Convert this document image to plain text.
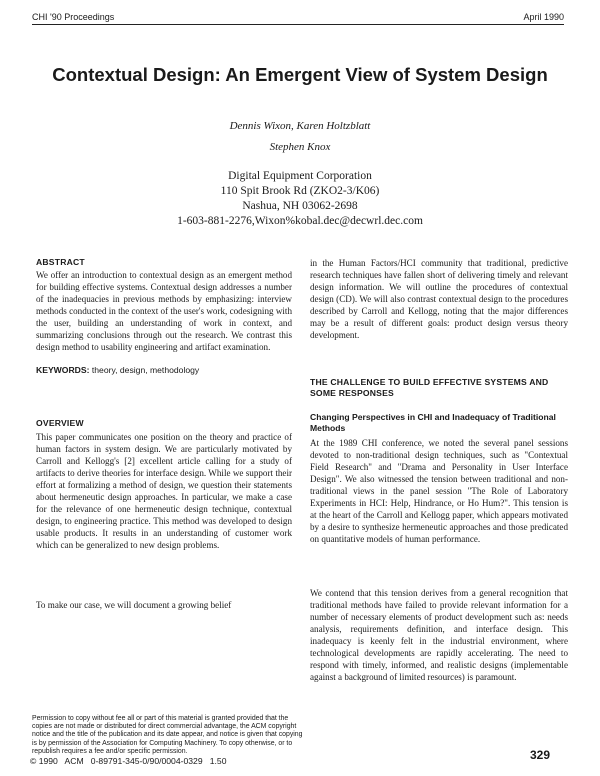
CHI '90 Proceedings	April 1990
Contextual Design: An Emergent View of System Design
Dennis Wixon, Karen Holtzblatt
Stephen Knox
Digital Equipment Corporation
110 Spit Brook Rd (ZKO2-3/K06)
Nashua, NH 03062-2698
1-603-881-2276,Wixon%kobal.dec@decwrl.dec.com
ABSTRACT

We offer an introduction to contextual design as an emergent method for building effective systems. Contextual design addresses a number of the inadequacies in previous methods by emphasizing: interview methods conducted in the context of the user's work, codesigning with the user, building an understanding of work in context, and summarizing conclusions through out the research. We contrast this design method to usability engineering and artifact examination.

KEYWORDS: theory, design, methodology
OVERVIEW

This paper communicates one position on the theory and practice of human factors in system design. We are particularly motivated by Carroll and Kellogg's [2] excellent article calling for a study of artifacts to derive theories for interface design. While we support their effort at formalizing a method of design, we question their statements about hermeneutic design approaches. In particular, we make a case for the relevance of one hermeneutic design technique, contextual design, to engineering practice. This method was developed to design usable products. It results in an understanding of customer work which can be generalized to new design problems.

To make our case, we will document a growing belief

in the Human Factors/HCI community that traditional, predictive research techniques have fallen short of delivering timely and relevant design information. We will outline the procedures of contextual design (CD). We will also contrast contextual design to the procedures described by Carroll and Kellogg, noting that the major differences may be a result of different goals: product design versus theory development.

THE CHALLENGE TO BUILD EFFECTIVE SYSTEMS AND SOME RESPONSES
Changing Perspectives in CHI and Inadequacy of Traditional Methods

At the 1989 CHI conference, we noted the several panel sessions devoted to non-traditional design techniques, such as "Contextual Field Research" and "Drama and Personality in User Interface Design". We also witnessed the tension between traditional and non-traditional views in the panel session "The Role of Laboratory Experiments in HCI: Help, Hindrance, or Ho Hum?". This tension is at the heart of the Carroll and Kellogg paper, which appears motivated by a desire to synthesize hermeneutic approaches and those predicated on quantitative models of human performance.

We contend that this tension derives from a general recognition that traditional methods have failed to provide relevant information for a number of necessary elements of product development such as: needs analysis, requirements definition, and interface design. This inadequacy is keenly felt in the industrial environment, where technological developments are rapidly accelerating. The need to respond with timely, informed, and realistic designs (implementable against a background of limited resources) is paramount.

Permission to copy without fee all or part of this material is granted provided that the copies are not made or distributed for direct commercial advantage, the ACM copyright notice and the title of the publication and its date appear, and notice is given that copying is by permission of the Association for Computing Machinery. To copy otherwise, or to republish requires a fee and/or specific permission.
© 1990   ACM   0-89791-345-0/90/0004-0329   1.50	329
